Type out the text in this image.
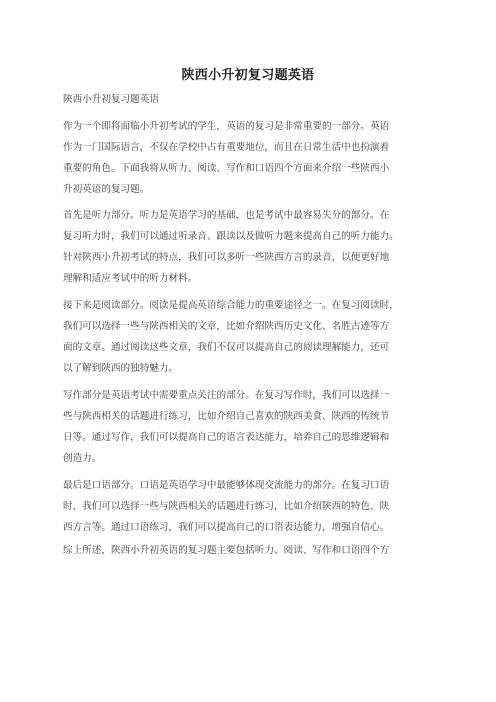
陕西小升初复习题英语
陕西小升初复习题英语
作为一个即将面临小升初考试的学生，英语的复习是非常重要的一部分。英语
作为一门国际语言，不仅在学校中占有重要地位，而且在日常生活中也扮演着
重要的角色。下面我将从听力、阅读、写作和口语四个方面来介绍一些陕西小
升初英语的复习题。
首先是听力部分。听力是英语学习的基础，也是考试中最容易失分的部分。在
复习听力时，我们可以通过听录音、跟读以及做听力题来提高自己的听力能力。
针对陕西小升初考试的特点，我们可以多听一些陕西方言的录音，以便更好地
理解和适应考试中的听力材料。
接下来是阅读部分。阅读是提高英语综合能力的重要途径之一。在复习阅读时，
我们可以选择一些与陕西相关的文章，比如介绍陕西历史文化、名胜古迹等方
面的文章。通过阅读这些文章，我们不仅可以提高自己的阅读理解能力，还可
以了解到陕西的独特魅力。
写作部分是英语考试中需要重点关注的部分。在复习写作时，我们可以选择一
些与陕西相关的话题进行练习，比如介绍自己喜欢的陕西美食、陕西的传统节
日等。通过写作，我们可以提高自己的语言表达能力，培养自己的思维逻辑和
创造力。
最后是口语部分。口语是英语学习中最能够体现交流能力的部分。在复习口语
时，我们可以选择一些与陕西相关的话题进行练习，比如介绍陕西的特色、陕
西方言等。通过口语练习，我们可以提高自己的口语表达能力，增强自信心。
综上所述，陕西小升初英语的复习题主要包括听力、阅读、写作和口语四个方
